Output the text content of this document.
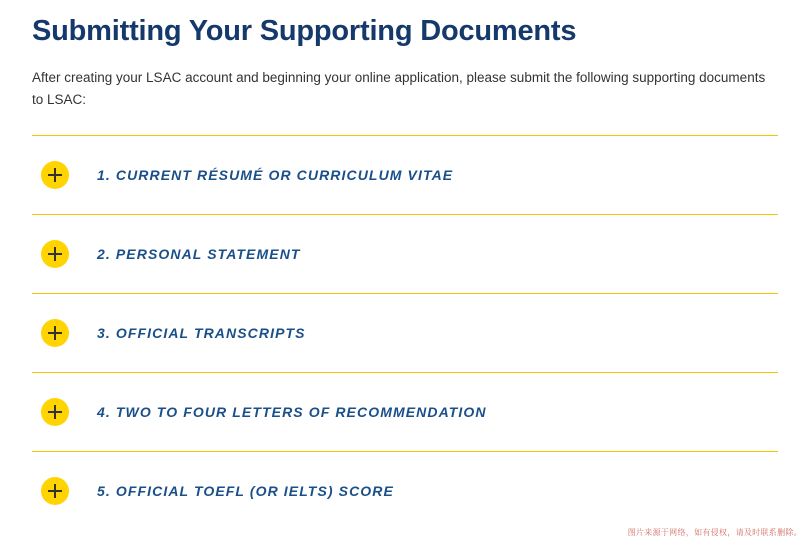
Submitting Your Supporting Documents

After creating your LSAC account and beginning your online application, please submit the following supporting documents to LSAC:

1. CURRENT RÉSUMÉ OR CURRICULUM VITAE
2. PERSONAL STATEMENT
3. OFFICIAL TRANSCRIPTS
4. TWO TO FOUR LETTERS OF RECOMMENDATION
5. OFFICIAL TOEFL (OR IELTS) SCORE
图片来源于网络，如有侵权，请及时联系删除。
